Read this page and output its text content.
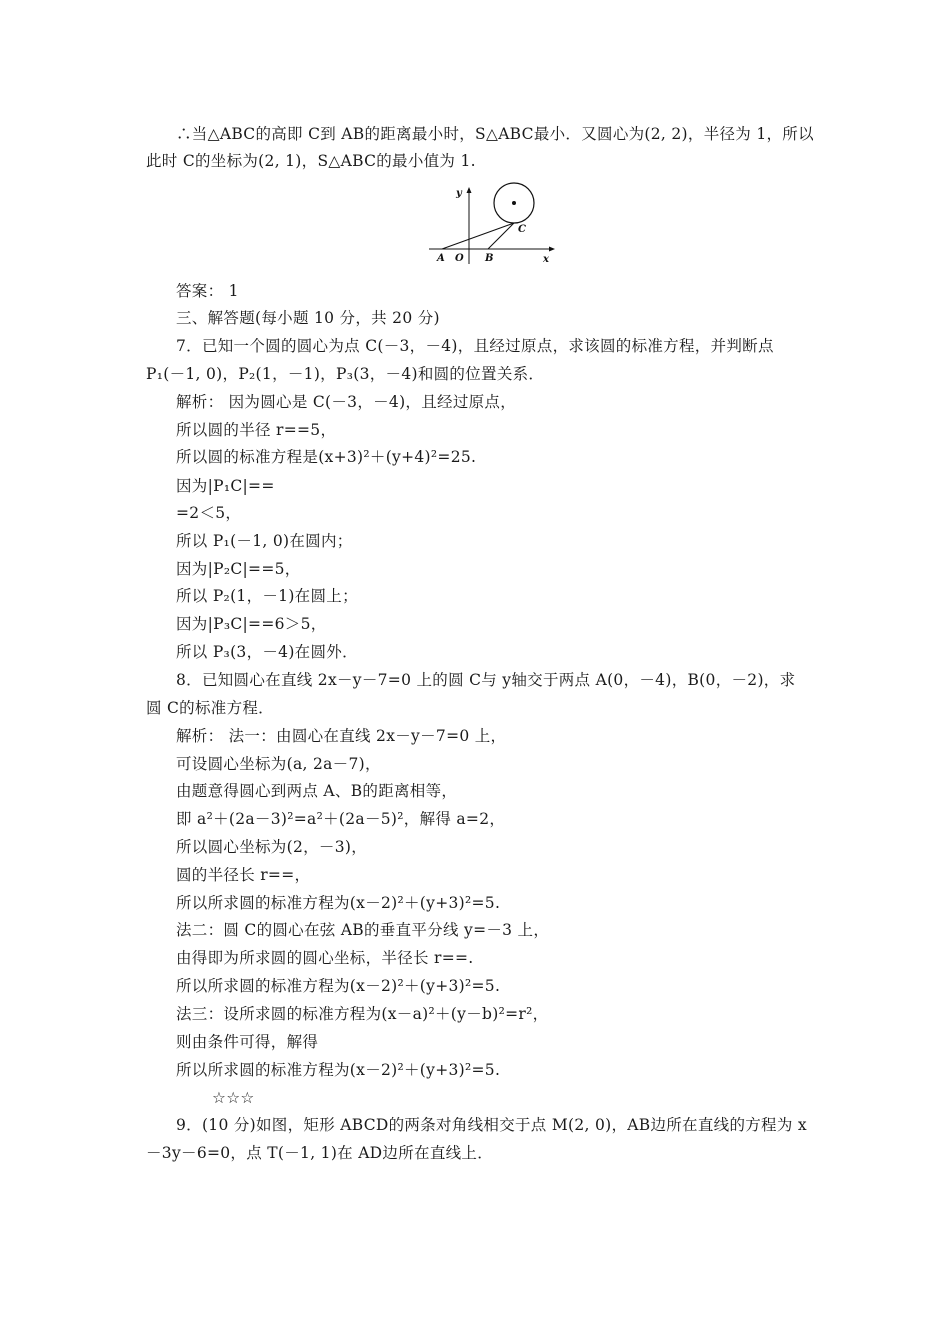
∴当△ABC的高即 C到 AB的距离最小时，S△ABC最小．又圆心为(2, 2)，半径为 1，所以
此时 C的坐标为(2, 1)，S△ABC的最小值为 1.
y
x
A O B
C
答案： 1
三、解答题(每小题 10 分，共 20 分)
7．已知一个圆的圆心为点 C(－3，－4)，且经过原点，求该圆的标准方程，并判断点
P₁(－1, 0)，P₂(1，－1)，P₃(3，－4)和圆的位置关系．
解析： 因为圆心是 C(－3，－4)，且经过原点，
所以圆的半径 r==5，
所以圆的标准方程是(x+3)²＋(y+4)²=25.
因为|P₁C|==
=2＜5，
所以 P₁(－1, 0)在圆内；
因为|P₂C|==5，
所以 P₂(1，－1)在圆上；
因为|P₃C|==6＞5，
所以 P₃(3，－4)在圆外．
8．已知圆心在直线 2x－y－7=0 上的圆 C与 y轴交于两点 A(0，－4)，B(0，－2)，求
圆 C的标准方程．
解析： 法一：由圆心在直线 2x－y－7=0 上，
可设圆心坐标为(a, 2a－7)，
由题意得圆心到两点 A、B的距离相等，
即 a²＋(2a－3)²=a²＋(2a－5)²，解得 a=2，
所以圆心坐标为(2，－3)，
圆的半径长 r==，
所以所求圆的标准方程为(x－2)²＋(y+3)²=5.
法二：圆 C的圆心在弦 AB的垂直平分线 y=－3 上，
由得即为所求圆的圆心坐标，半径长 r==.
所以所求圆的标准方程为(x－2)²＋(y+3)²=5.
法三：设所求圆的标准方程为(x－a)²＋(y－b)²=r²，
则由条件可得，解得
所以所求圆的标准方程为(x－2)²＋(y+3)²=5.
☆☆☆
9．(10 分)如图，矩形 ABCD的两条对角线相交于点 M(2, 0)，AB边所在直线的方程为 x
－3y－6=0，点 T(－1, 1)在 AD边所在直线上．
